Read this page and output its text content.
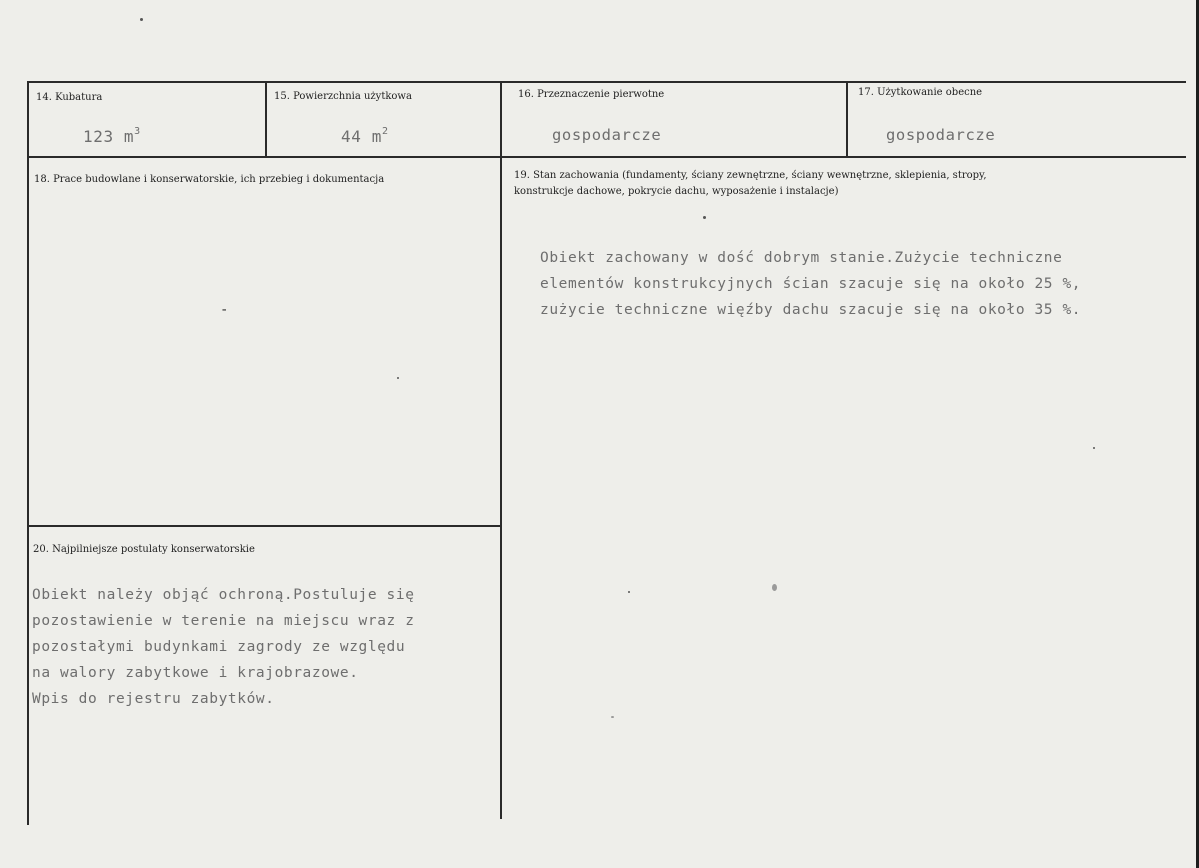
14. Kubatura
123 $m^3$
15. Powierzchnia użytkowa
44 $m^2$
16. Przeznaczenie pierwotne
gospodarcze
17. Użytkowanie obecne
gospodarcze
18. Prace budowlane i konserwatorskie, ich przebieg i dokumentacja
-
19. Stan zachowania (fundamenty, ściany zewnętrzne, ściany wewnętrzne, sklepienia, stropy,
konstrukcje dachowe, pokrycie dachu, wyposażenie i instalacje)
Obiekt zachowany w dość dobrym stanie.Zużycie techniczne
elementów konstrukcyjnych ścian szacuje się na około 25 %,
zużycie techniczne więźby dachu szacuje się na około 35 %.
20. Najpilniejsze postulaty konserwatorskie
Obiekt należy objąć ochroną.Postuluje się
pozostawienie w terenie na miejscu wraz z
pozostałymi budynkami zagrody ze względu
na walory zabytkowe i krajobrazowe.
Wpis do rejestru zabytków.
